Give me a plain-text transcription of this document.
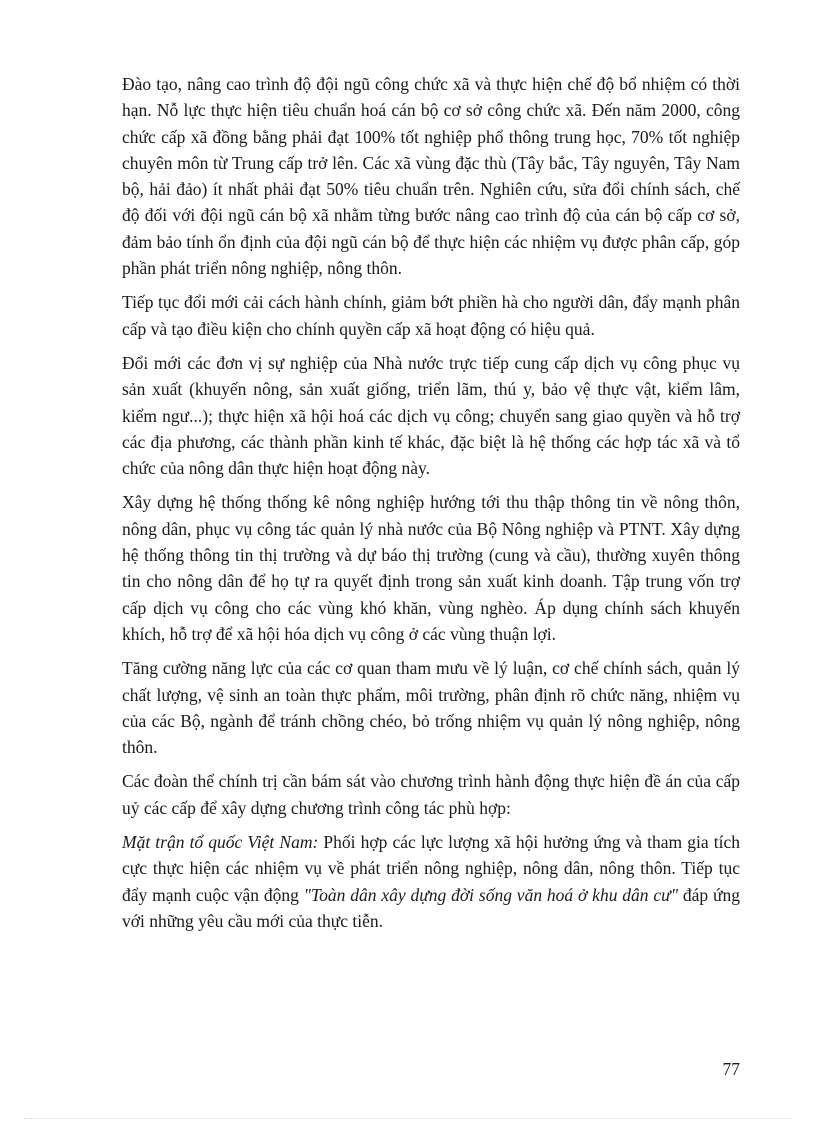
Đào tạo, nâng cao trình độ đội ngũ công chức xã và thực hiện chế độ bổ nhiệm có thời hạn. Nỗ lực thực hiện tiêu chuẩn hoá cán bộ cơ sở công chức xã. Đến năm 2000, công chức cấp xã đồng bằng phải đạt 100% tốt nghiệp phổ thông trung học, 70% tốt nghiệp chuyên môn từ Trung cấp trở lên. Các xã vùng đặc thù (Tây bắc, Tây nguyên, Tây Nam bộ, hải đảo) ít nhất phải đạt 50% tiêu chuẩn trên. Nghiên cứu, sửa đổi chính sách, chế độ đối với đội ngũ cán bộ xã nhằm từng bước nâng cao trình độ của cán bộ cấp cơ sở, đảm bảo tính ổn định của đội ngũ cán bộ để thực hiện các nhiệm vụ được phân cấp, góp phần phát triển nông nghiệp, nông thôn.

Tiếp tục đổi mới cải cách hành chính, giảm bớt phiền hà cho người dân, đẩy mạnh phân cấp và tạo điều kiện cho chính quyền cấp xã hoạt động có hiệu quả.

Đổi mới các đơn vị sự nghiệp của Nhà nước trực tiếp cung cấp dịch vụ công phục vụ sản xuất (khuyến nông, sản xuất giống, triển lãm, thú y, bảo vệ thực vật, kiểm lâm, kiểm ngư...); thực hiện xã hội hoá các dịch vụ công; chuyển sang giao quyền và hỗ trợ các địa phương, các thành phần kinh tế khác, đặc biệt là hệ thống các hợp tác xã và tổ chức của nông dân thực hiện hoạt động này.

Xây dựng hệ thống thống kê nông nghiệp hướng tới thu thập thông tin về nông thôn, nông dân, phục vụ công tác quản lý nhà nước của Bộ Nông nghiệp và PTNT. Xây dựng hệ thống thông tin thị trường và dự báo thị trường (cung và cầu), thường xuyên thông tin cho nông dân để họ tự ra quyết định trong sản xuất kinh doanh. Tập trung vốn trợ cấp dịch vụ công cho các vùng khó khăn, vùng nghèo. Áp dụng chính sách khuyến khích, hỗ trợ để xã hội hóa dịch vụ công ở các vùng thuận lợi.

Tăng cường năng lực của các cơ quan tham mưu về lý luận, cơ chế chính sách, quản lý chất lượng, vệ sinh an toàn thực phẩm, môi trường, phân định rõ chức năng, nhiệm vụ của các Bộ, ngành để tránh chồng chéo, bỏ trống nhiệm vụ quản lý nông nghiệp, nông thôn.

Các đoàn thể chính trị cần bám sát vào chương trình hành động thực hiện đề án của cấp uỷ các cấp để xây dựng chương trình công tác phù hợp:

Mặt trận tổ quốc Việt Nam: Phối hợp các lực lượng xã hội hưởng ứng và tham gia tích cực thực hiện các nhiệm vụ về phát triển nông nghiệp, nông dân, nông thôn. Tiếp tục đẩy mạnh cuộc vận động "Toàn dân xây dựng đời sống văn hoá ở khu dân cư" đáp ứng với những yêu cầu mới của thực tiễn.

77
